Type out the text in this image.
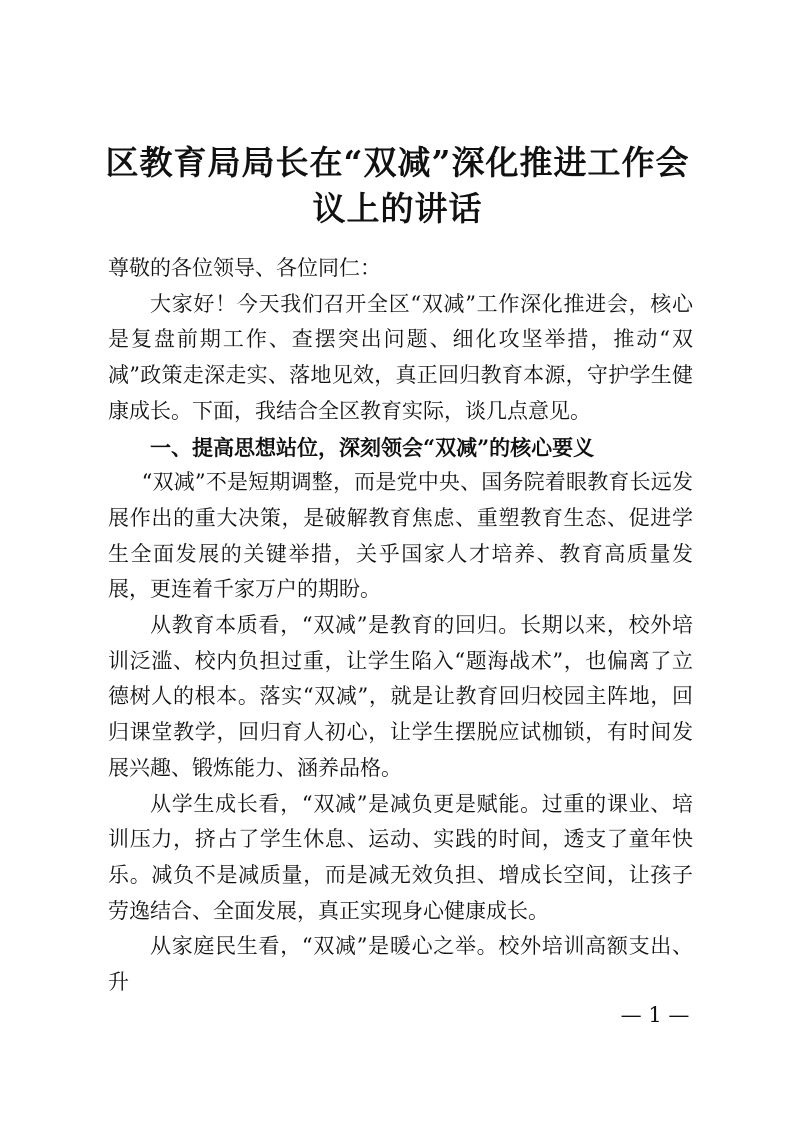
区教育局局长在“双减”深化推进工作会议上的讲话

尊敬的各位领导、各位同仁：

大家好！今天我们召开全区“双减”工作深化推进会，核心是复盘前期工作、查摆突出问题、细化攻坚举措，推动“双减”政策走深走实、落地见效，真正回归教育本源，守护学生健康成长。下面，我结合全区教育实际，谈几点意见。

一、提高思想站位，深刻领会“双减”的核心要义

“双减”不是短期调整，而是党中央、国务院着眼教育长远发展作出的重大决策，是破解教育焦虑、重塑教育生态、促进学生全面发展的关键举措，关乎国家人才培养、教育高质量发展，更连着千家万户的期盼。

从教育本质看，“双减”是教育的回归。长期以来，校外培训泛滥、校内负担过重，让学生陷入“题海战术”，也偏离了立德树人的根本。落实“双减”，就是让教育回归校园主阵地，回归课堂教学，回归育人初心，让学生摆脱应试枷锁，有时间发展兴趣、锻炼能力、涵养品格。

从学生成长看，“双减”是减负更是赋能。过重的课业、培训压力，挤占了学生休息、运动、实践的时间，透支了童年快乐。减负不是减质量，而是减无效负担、增成长空间，让孩子劳逸结合、全面发展，真正实现身心健康成长。

从家庭民生看，“双减”是暖心之举。校外培训高额支出、升

— 1 —
